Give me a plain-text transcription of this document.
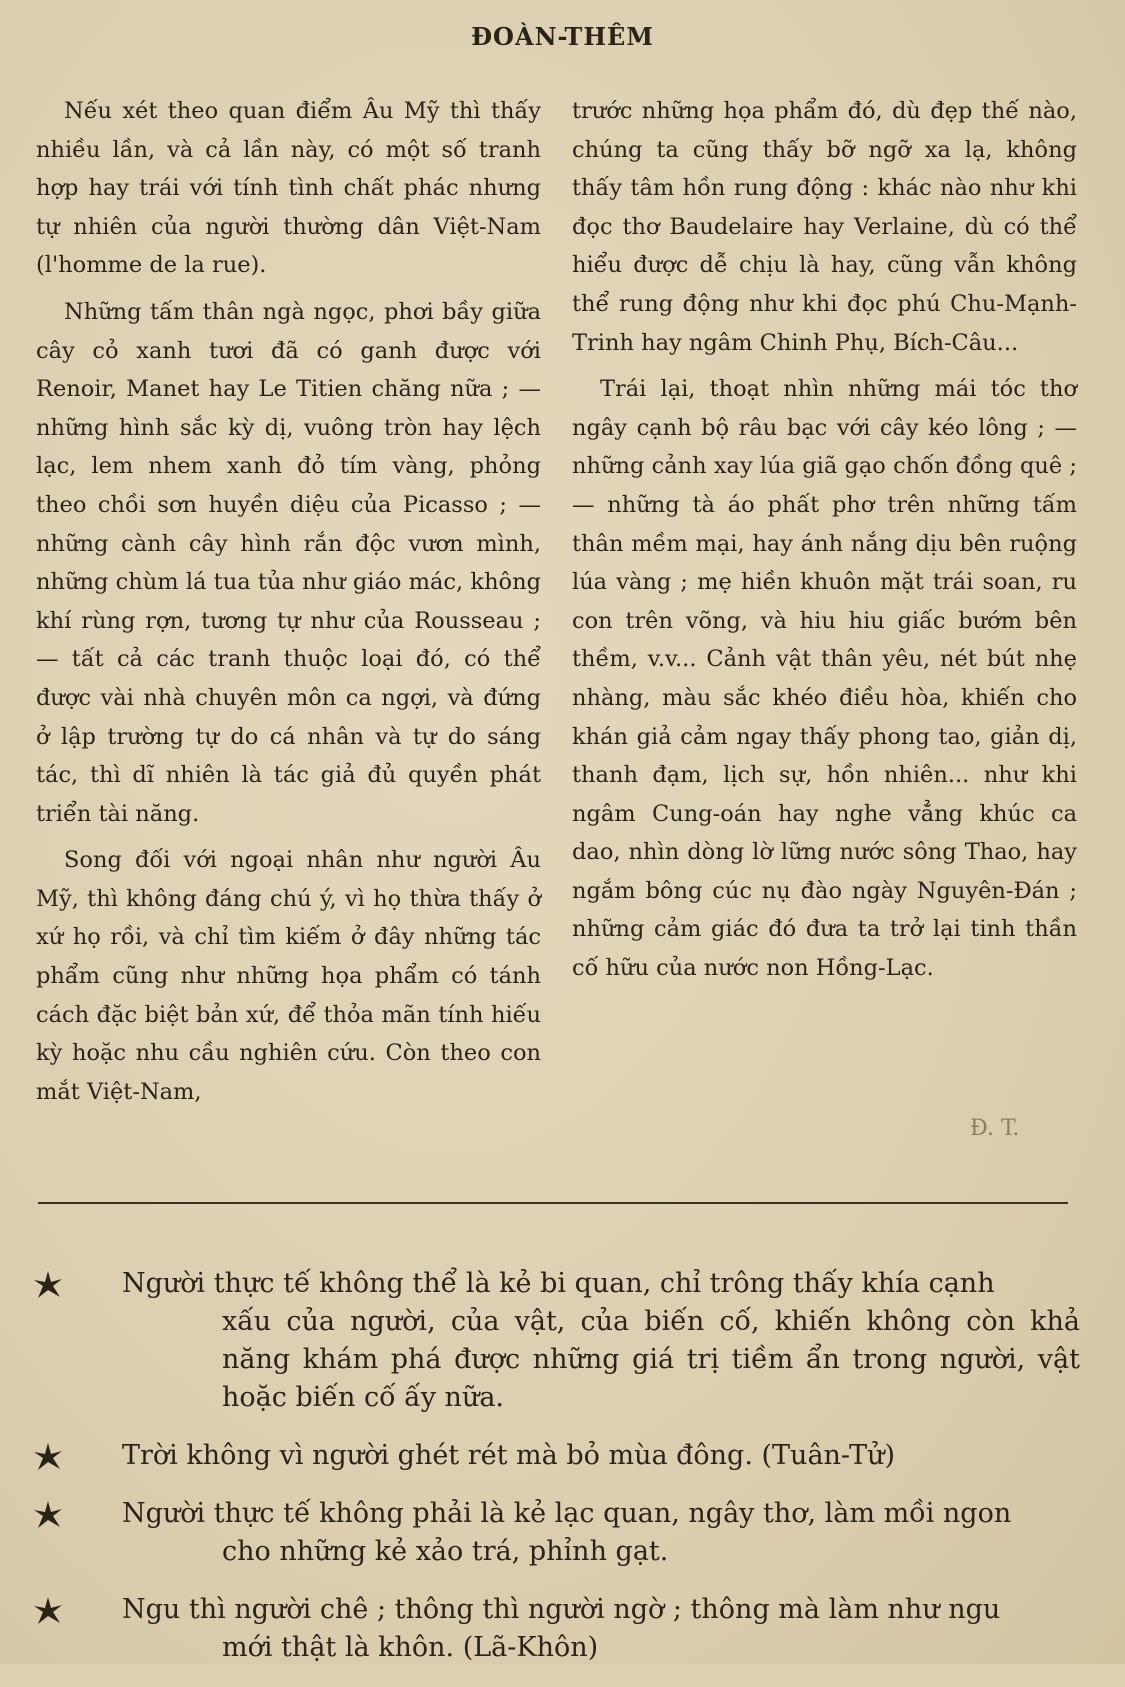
ĐOÀN-THÊM

Nếu xét theo quan điểm Âu Mỹ thì thấy nhiều lần, và cả lần này, có một số tranh hợp hay trái với tính tình chất phác nhưng tự nhiên của người thường dân Việt-Nam (l'homme de la rue).

Những tấm thân ngà ngọc, phơi bầy giữa cây cỏ xanh tươi đã có ganh được với Renoir, Manet hay Le Titien chăng nữa ; — những hình sắc kỳ dị, vuông tròn hay lệch lạc, lem nhem xanh đỏ tím vàng, phỏng theo chồi sơn huyền diệu của Picasso ; — những cành cây hình rắn độc vươn mình, những chùm lá tua tủa như giáo mác, không khí rùng rợn, tương tự như của Rousseau ; — tất cả các tranh thuộc loại đó, có thể được vài nhà chuyên môn ca ngợi, và đứng ở lập trường tự do cá nhân và tự do sáng tác, thì dĩ nhiên là tác giả đủ quyền phát triển tài năng.

Song đối với ngoại nhân như người Âu Mỹ, thì không đáng chú ý, vì họ thừa thấy ở xứ họ rồi, và chỉ tìm kiếm ở đây những tác phẩm cũng như những họa phẩm có tánh cách đặc biệt bản xứ, để thỏa mãn tính hiếu kỳ hoặc nhu cầu nghiên cứu. Còn theo con mắt Việt-Nam,

trước những họa phẩm đó, dù đẹp thế nào, chúng ta cũng thấy bỡ ngỡ xa lạ, không thấy tâm hồn rung động : khác nào như khi đọc thơ Baudelaire hay Verlaine, dù có thể hiểu được dễ chịu là hay, cũng vẫn không thể rung động như khi đọc phú Chu-Mạnh-Trinh hay ngâm Chinh Phụ, Bích-Câu...

Trái lại, thoạt nhìn những mái tóc thơ ngây cạnh bộ râu bạc với cây kéo lông ; — những cảnh xay lúa giã gạo chốn đồng quê ; — những tà áo phất phơ trên những tấm thân mềm mại, hay ánh nắng dịu bên ruộng lúa vàng ; mẹ hiền khuôn mặt trái soan, ru con trên võng, và hiu hiu giấc bướm bên thềm, v.v... Cảnh vật thân yêu, nét bút nhẹ nhàng, màu sắc khéo điều hòa, khiến cho khán giả cảm ngay thấy phong tao, giản dị, thanh đạm, lịch sự, hồn nhiên... như khi ngâm Cung-oán hay nghe vẳng khúc ca dao, nhìn dòng lờ lững nước sông Thao, hay ngắm bông cúc nụ đào ngày Nguyên-Đán ; những cảm giác đó đưa ta trở lại tinh thần cố hữu của nước non Hồng-Lạc.

Đ. T.
Người thực tế không thể là kẻ bi quan, chỉ trông thấy khía cạnh
xấu của người, của vật, của biến cố, khiến không còn khả năng khám phá được những giá trị tiềm ẩn trong người, vật hoặc biến cố ấy nữa.
Trời không vì người ghét rét mà bỏ mùa đông. (Tuân-Tử)
Người thực tế không phải là kẻ lạc quan, ngây thơ, làm mồi ngon
cho những kẻ xảo trá, phỉnh gạt.
Ngu thì người chê ; thông thì người ngờ ; thông mà làm như ngu
mới thật là khôn. (Lã-Khôn)
